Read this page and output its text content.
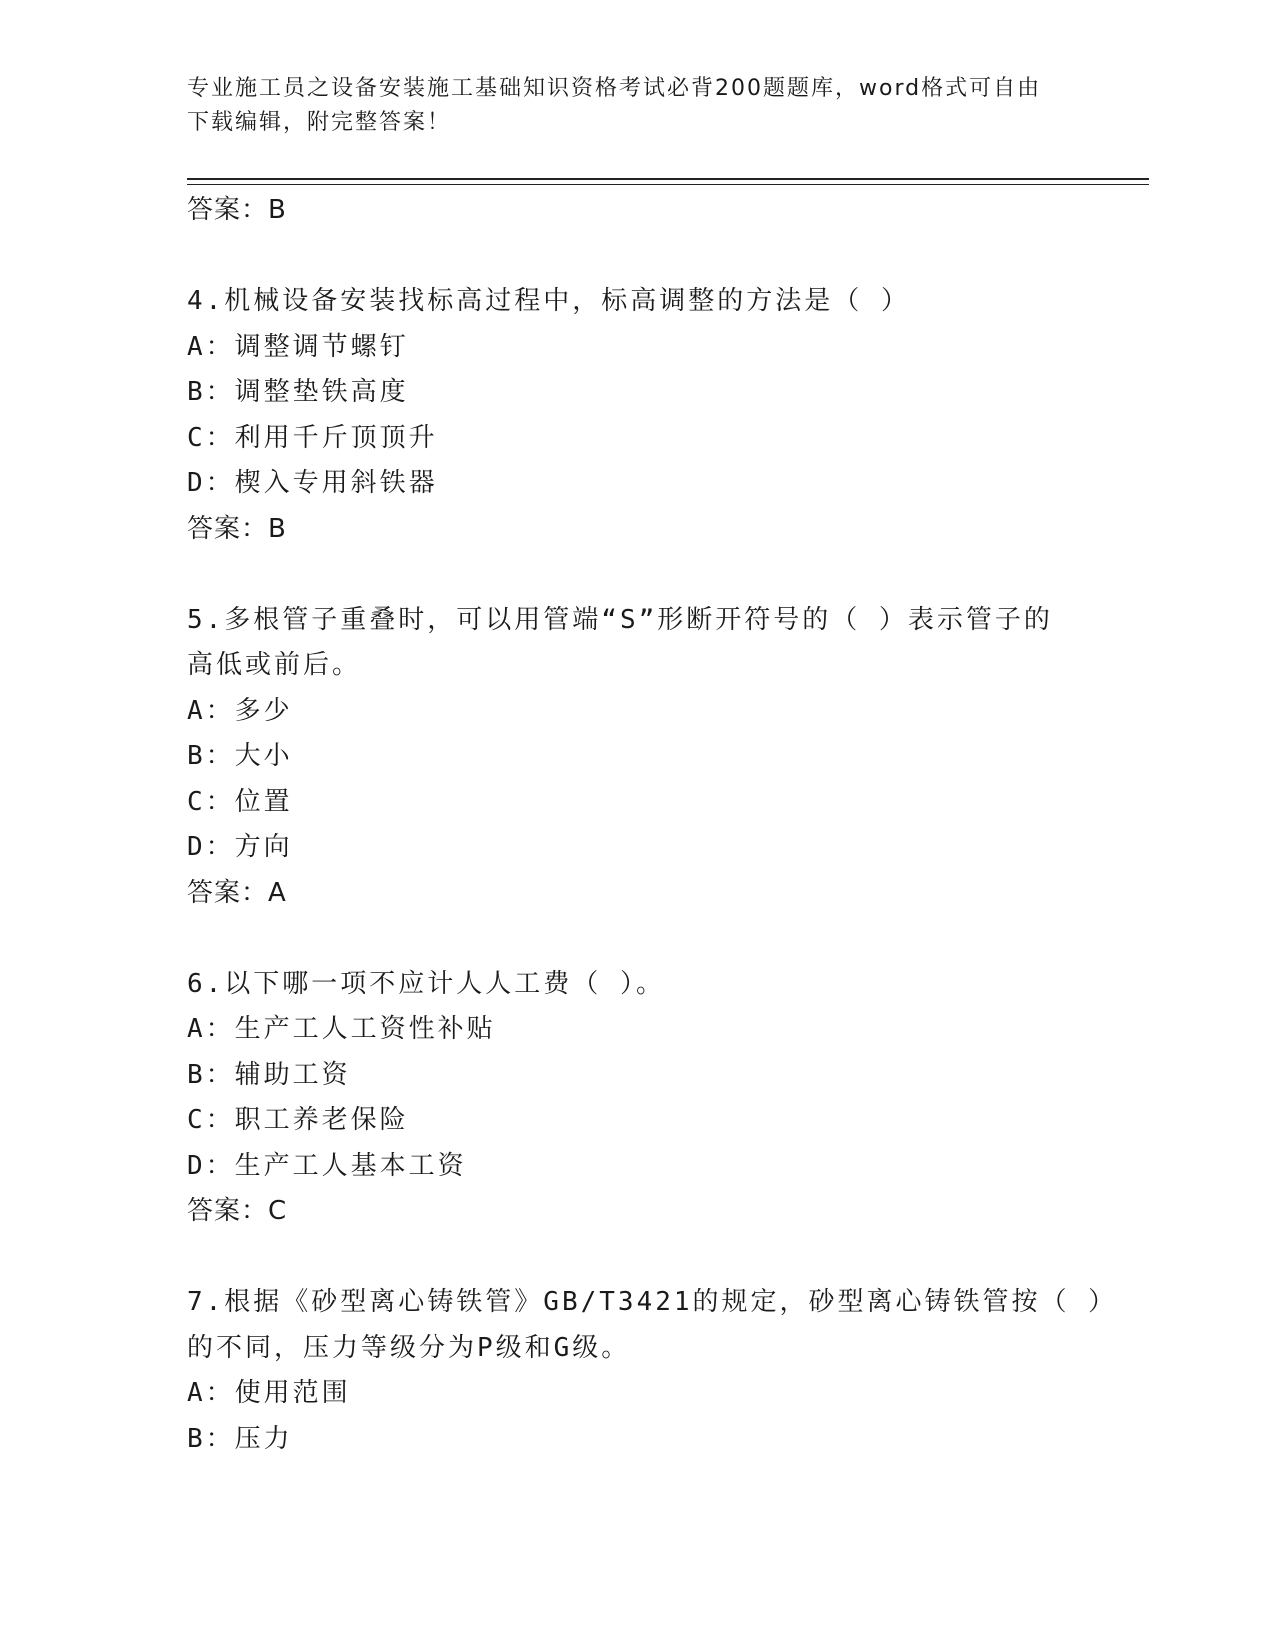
专业施工员之设备安装施工基础知识资格考试必背200题题库，word格式可自由
下载编辑，附完整答案！
答案：B
4.机械设备安装找标高过程中，标高调整的方法是（ ）
A：调整调节螺钉
B：调整垫铁高度
C：利用千斤顶顶升
D：楔入专用斜铁器
答案：B
5.多根管子重叠时，可以用管端“S”形断开符号的（ ）表示管子的
高低或前后。
A：多少
B：大小
C：位置
D：方向
答案：A
6.以下哪一项不应计人人工费（ ）。
A：生产工人工资性补贴
B：辅助工资
C：职工养老保险
D：生产工人基本工资
答案：C
7.根据《砂型离心铸铁管》GB/T3421的规定，砂型离心铸铁管按（ ）
的不同，压力等级分为P级和G级。
A：使用范围
B：压力
